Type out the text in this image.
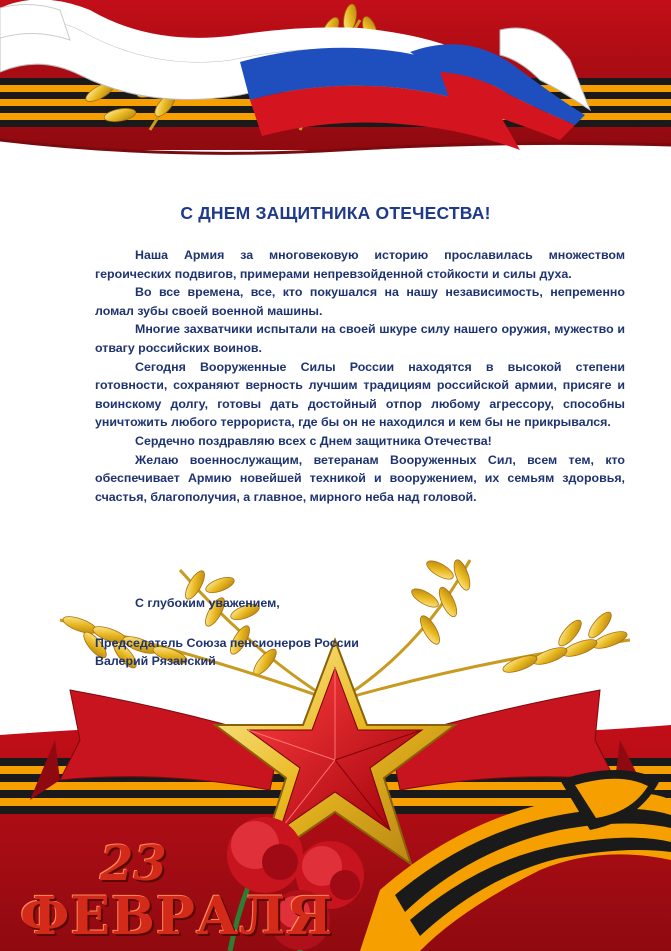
С ДНЕМ ЗАЩИТНИКА ОТЕЧЕСТВА!

Наша Армия за многовековую историю прославилась множеством героических подвигов, примерами непревзойденной стойкости и силы духа.

Во все времена, все, кто покушался на нашу независимость, непременно ломал зубы своей военной машины.

Многие захватчики испытали на своей шкуре силу нашего оружия, мужество и отвагу российских воинов.

Сегодня Вооруженные Силы России находятся в высокой степени готовности, сохраняют верность лучшим традициям российской армии, присяге и воинскому долгу, готовы дать достойный отпор любому агрессору, способны уничтожить любого террориста, где бы он не находился и кем бы не прикрывался.

Сердечно поздравляю всех с Днем защитника Отечества!

Желаю военнослужащим, ветеранам Вооруженных Сил, всем тем, кто обеспечивает Армию новейшей техникой и вооружением, их семьям здоровья, счастья, благополучия, а главное, мирного неба над головой.

С глубоким уважением,
Председатель Союза пенсионеров России
Валерий Рязанский
23
ФЕВРАЛЯ
